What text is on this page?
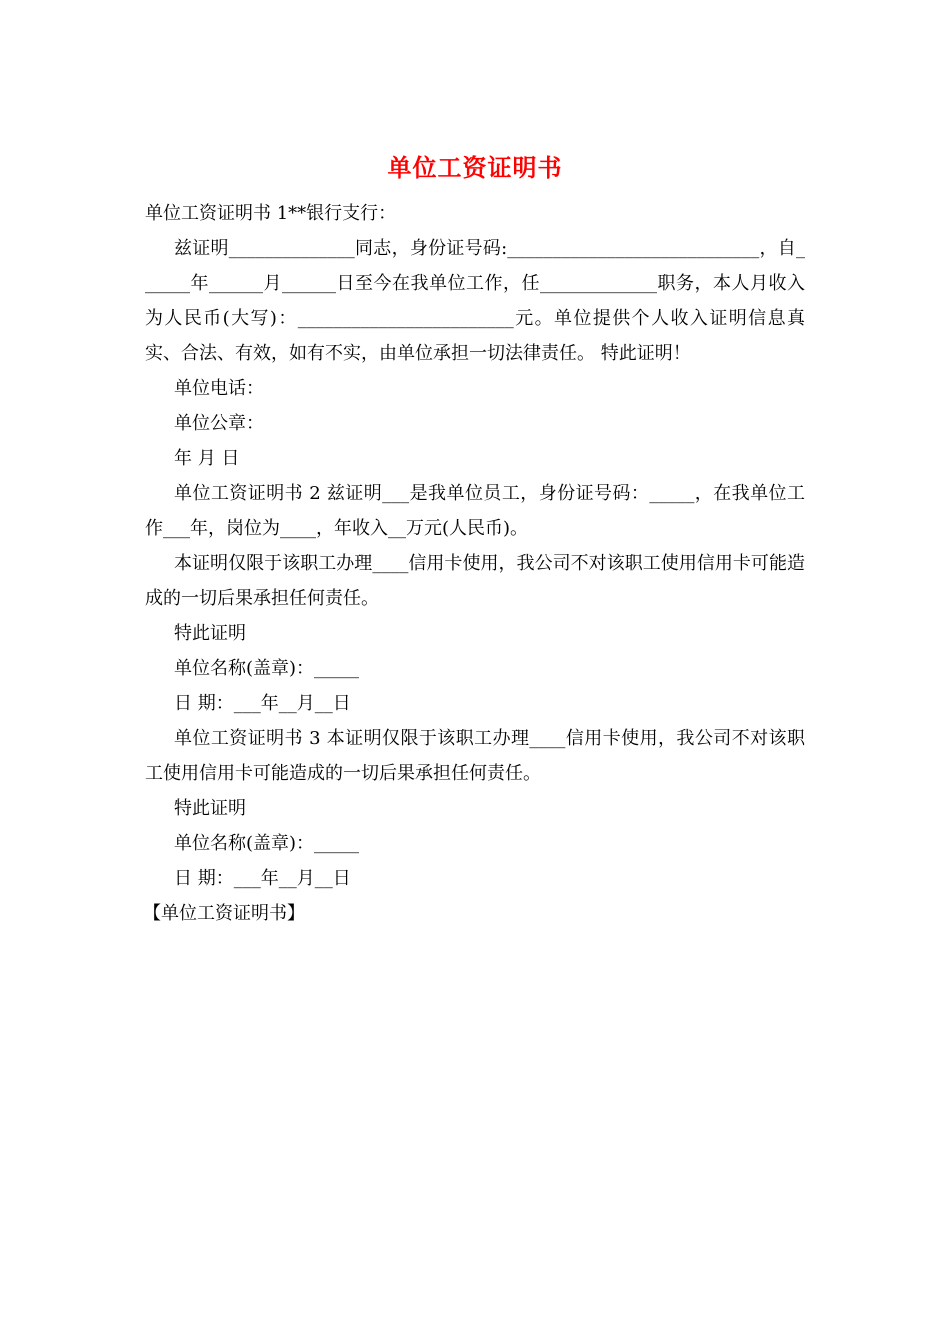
单位工资证明书

单位工资证明书 1**银行支行：

兹证明______________同志，身份证号码:____________________________，自______年______月______日至今在我单位工作，任_____________职务，本人月收入为人民币(大写)：________________________元。单位提供个人收入证明信息真实、合法、有效，如有不实，由单位承担一切法律责任。 特此证明！

单位电话：

单位公章：

年 月 日

单位工资证明书 2 兹证明___是我单位员工，身份证号码：_____，在我单位工作___年，岗位为____，年收入__万元(人民币)。

本证明仅限于该职工办理____信用卡使用，我公司不对该职工使用信用卡可能造成的一切后果承担任何责任。

特此证明

单位名称(盖章)：_____

日 期：___年__月__日

单位工资证明书 3 本证明仅限于该职工办理____信用卡使用，我公司不对该职工使用信用卡可能造成的一切后果承担任何责任。

特此证明

单位名称(盖章)：_____

日 期：___年__月__日

【单位工资证明书】
